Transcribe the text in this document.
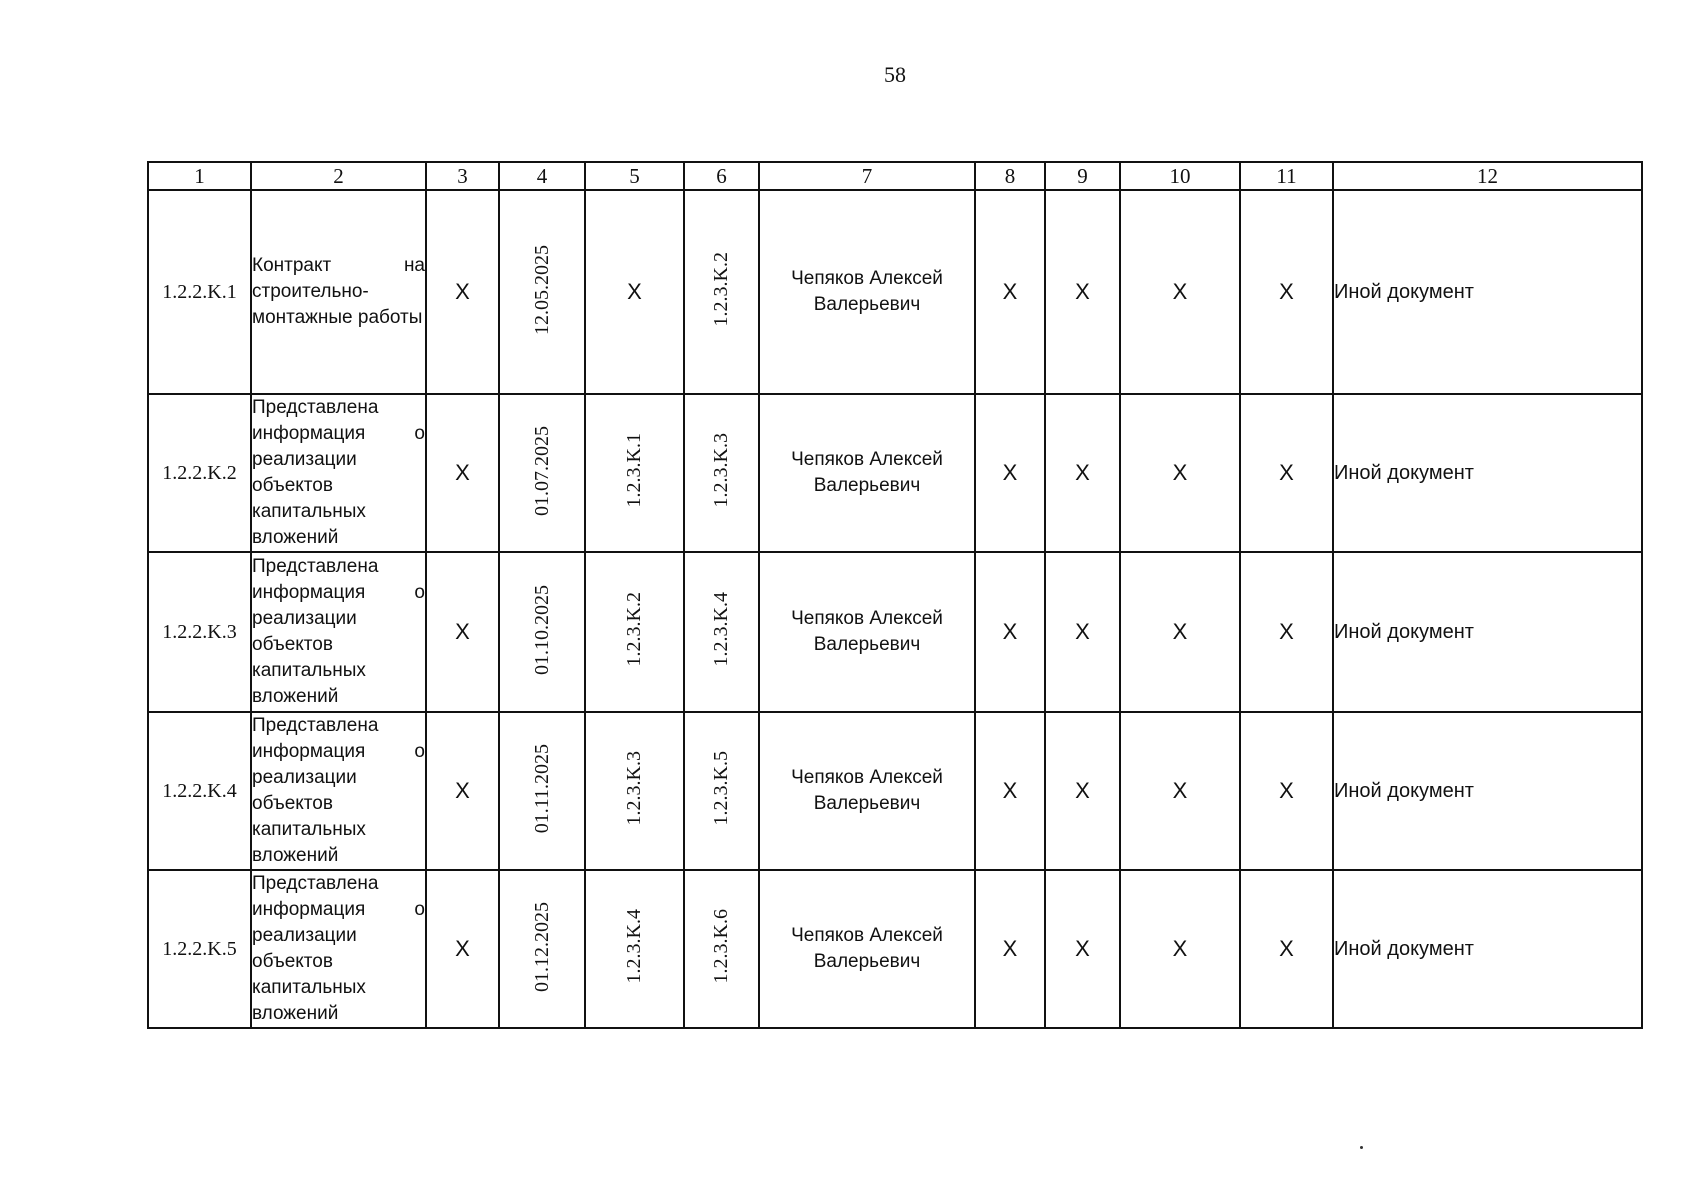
58
1	2	3	4	5	6	7	8	9	10	11	12
1.2.2.K.1	Контракт на строительно-монтажные работы	X	12.05.2025	X	1.2.3.K.2	Чепяков Алексей Валерьевич	X	X	X	X	Иной документ
1.2.2.K.2	Представлена информация о реализации объектов капитальных вложений	X	01.07.2025	1.2.3.K.1	1.2.3.K.3	Чепяков Алексей Валерьевич	X	X	X	X	Иной документ
1.2.2.K.3	Представлена информация о реализации объектов капитальных вложений	X	01.10.2025	1.2.3.K.2	1.2.3.K.4	Чепяков Алексей Валерьевич	X	X	X	X	Иной документ
1.2.2.K.4	Представлена информация о реализации объектов капитальных вложений	X	01.11.2025	1.2.3.K.3	1.2.3.K.5	Чепяков Алексей Валерьевич	X	X	X	X	Иной документ
1.2.2.K.5	Представлена информация о реализации объектов капитальных вложений	X	01.12.2025	1.2.3.K.4	1.2.3.K.6	Чепяков Алексей Валерьевич	X	X	X	X	Иной документ
